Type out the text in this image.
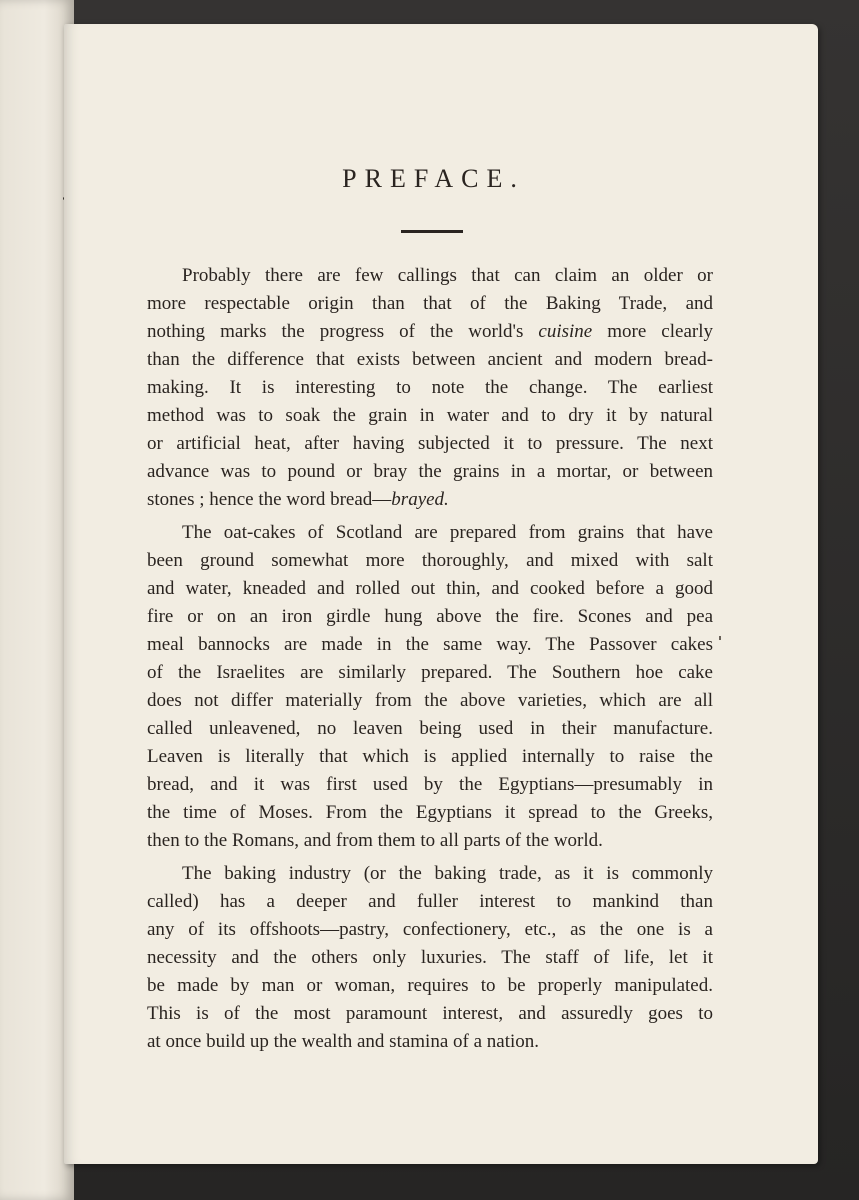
PREFACE.
Probably there are few callings that can claim an older or
more respectable origin than that of the Baking Trade, and
nothing marks the progress of the world's cuisine more clearly
than the difference that exists between ancient and modern bread-
making. It is interesting to note the change. The earliest
method was to soak the grain in water and to dry it by natural
or artificial heat, after having subjected it to pressure. The next
advance was to pound or bray the grains in a mortar, or between
stones ; hence the word bread—brayed.
The oat-cakes of Scotland are prepared from grains that have
been ground somewhat more thoroughly, and mixed with salt
and water, kneaded and rolled out thin, and cooked before a good
fire or on an iron girdle hung above the fire. Scones and pea
meal bannocks are made in the same way. The Passover cakes
of the Israelites are similarly prepared. The Southern hoe cake
does not differ materially from the above varieties, which are all
called unleavened, no leaven being used in their manufacture.
Leaven is literally that which is applied internally to raise the
bread, and it was first used by the Egyptians—presumably in
the time of Moses. From the Egyptians it spread to the Greeks,
then to the Romans, and from them to all parts of the world.
The baking industry (or the baking trade, as it is commonly
called) has a deeper and fuller interest to mankind than
any of its offshoots—pastry, confectionery, etc., as the one is a
necessity and the others only luxuries. The staff of life, let it
be made by man or woman, requires to be properly manipulated.
This is of the most paramount interest, and assuredly goes to
at once build up the wealth and stamina of a nation.
